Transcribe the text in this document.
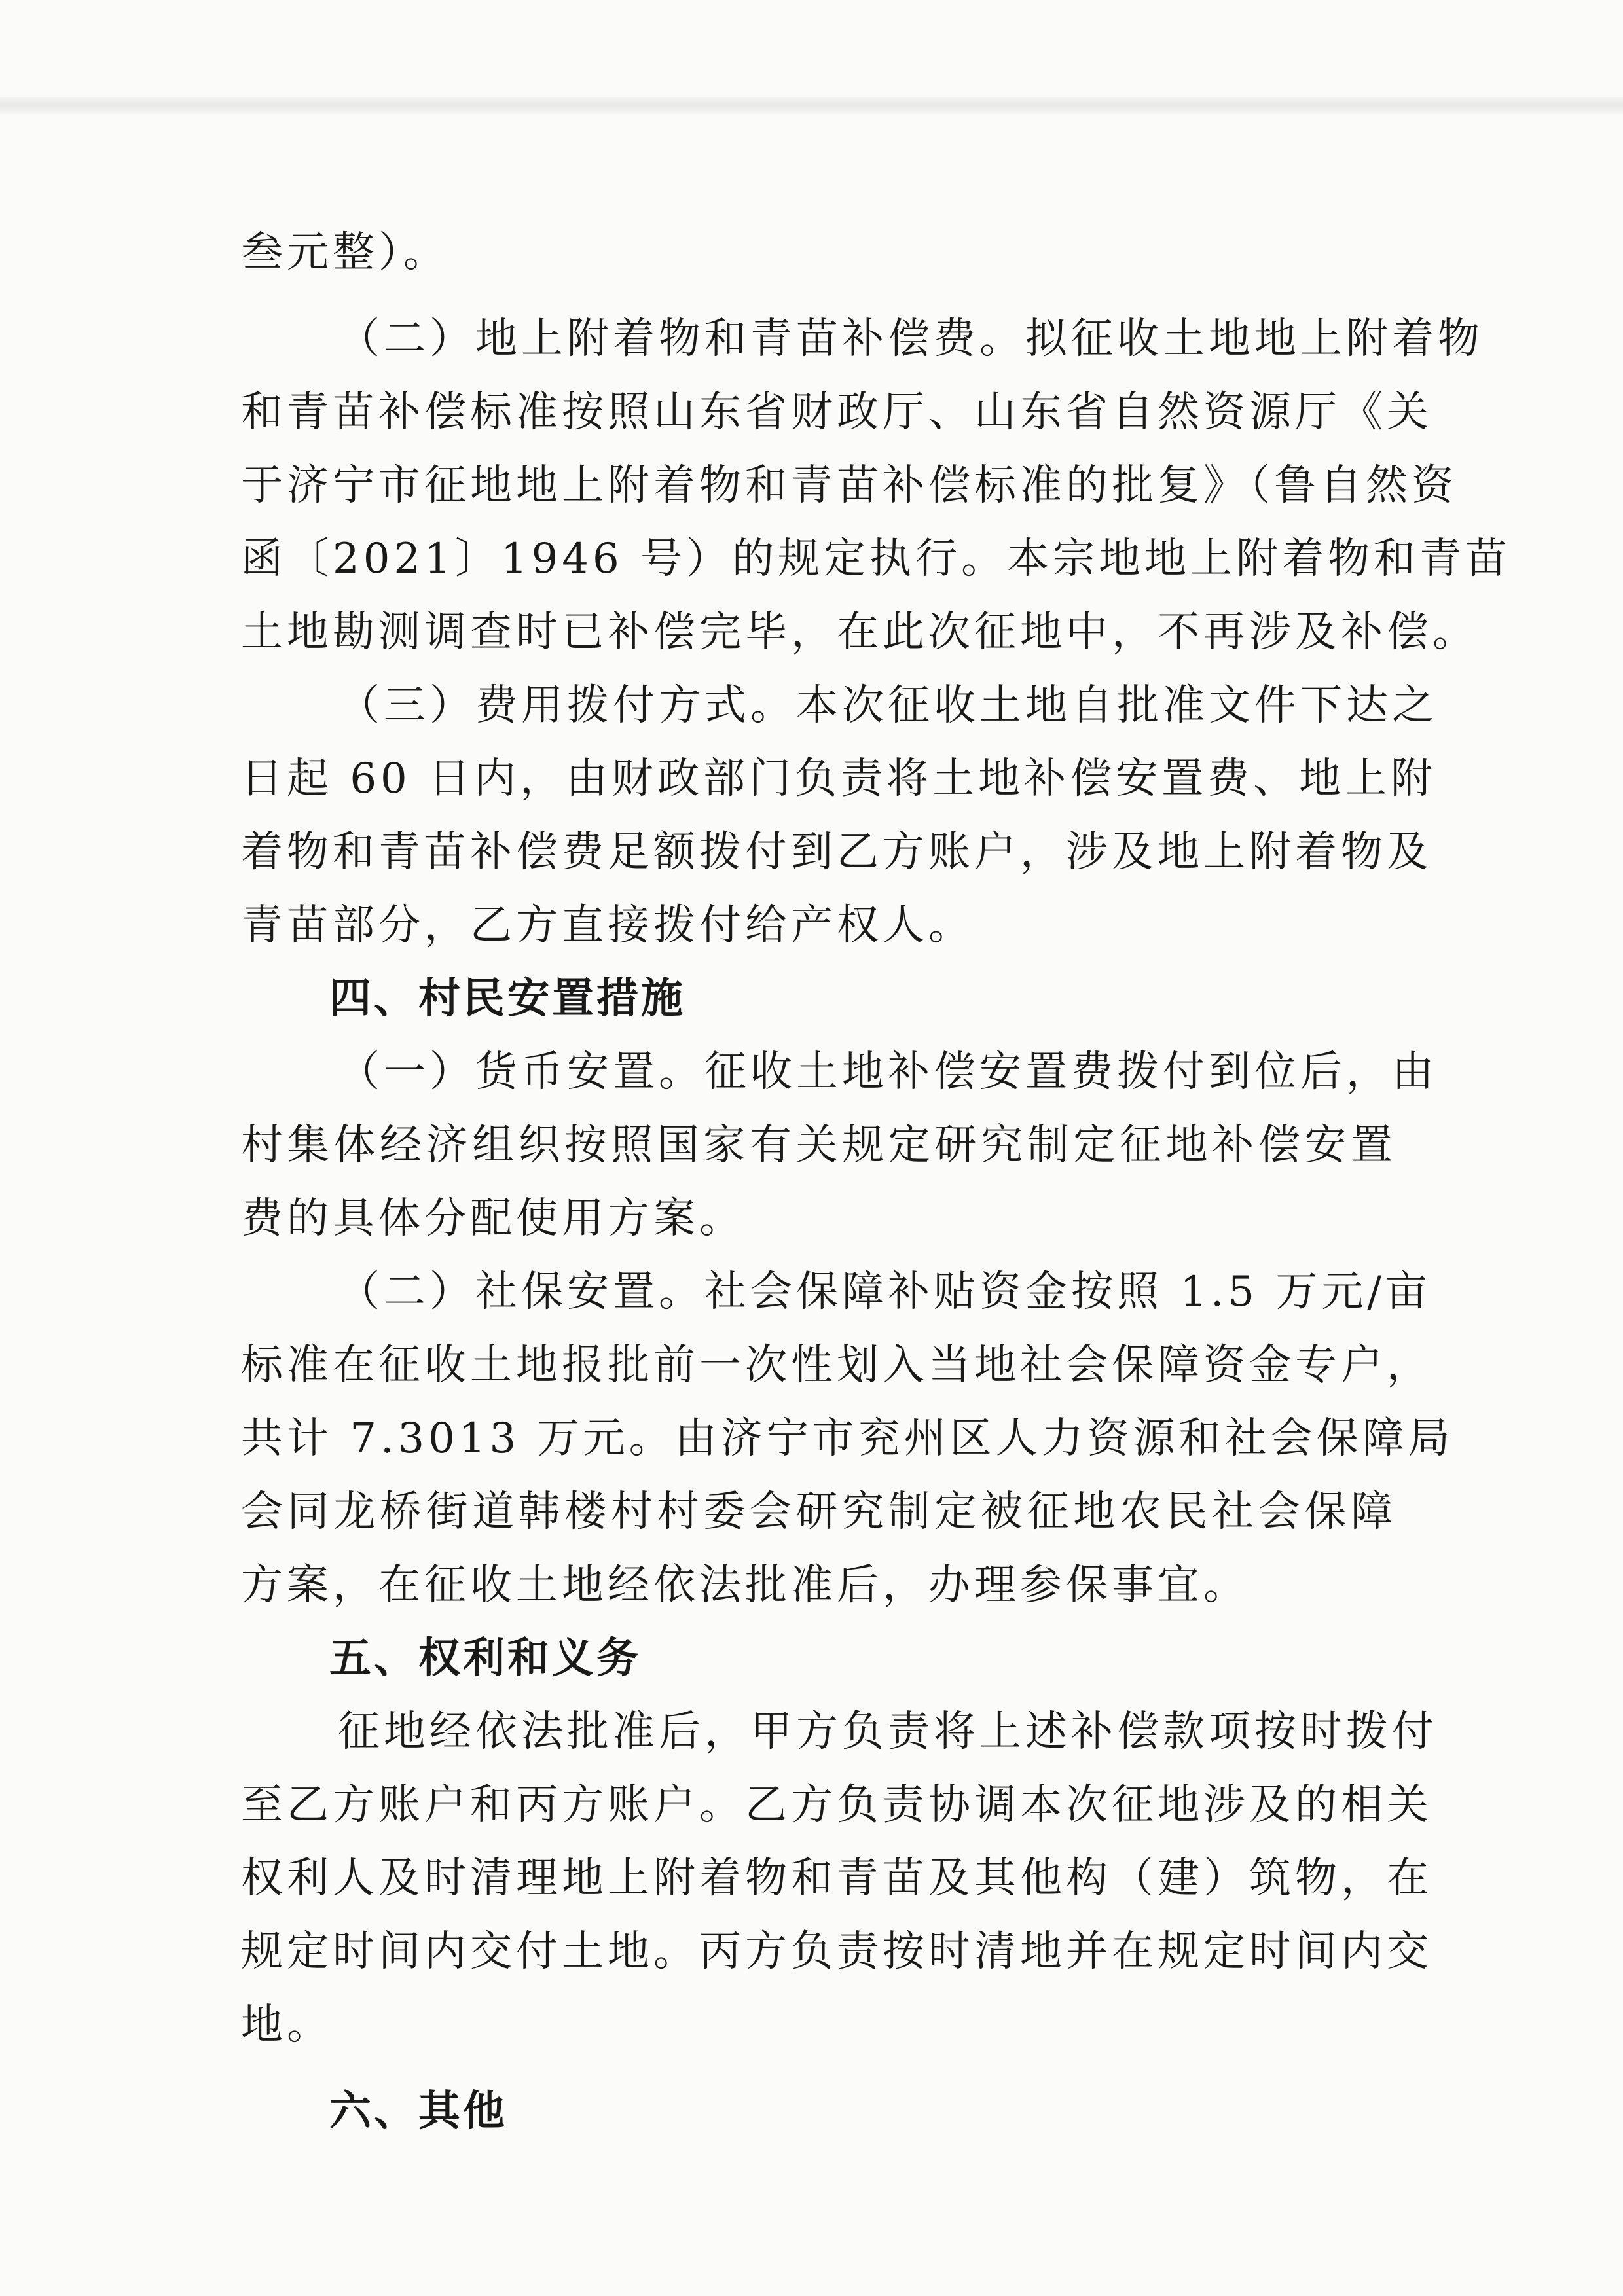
叁元整）。
（二）地上附着物和青苗补偿费。拟征收土地地上附着物
和青苗补偿标准按照山东省财政厅、山东省自然资源厅《关
于济宁市征地地上附着物和青苗补偿标准的批复》（鲁自然资
函〔2021〕1946 号）的规定执行。本宗地地上附着物和青苗
土地勘测调查时已补偿完毕，在此次征地中，不再涉及补偿。
（三）费用拨付方式。本次征收土地自批准文件下达之
日起 60 日内，由财政部门负责将土地补偿安置费、地上附
着物和青苗补偿费足额拨付到乙方账户，涉及地上附着物及
青苗部分，乙方直接拨付给产权人。
四、村民安置措施
（一）货币安置。征收土地补偿安置费拨付到位后，由
村集体经济组织按照国家有关规定研究制定征地补偿安置
费的具体分配使用方案。
（二）社保安置。社会保障补贴资金按照 1.5 万元/亩
标准在征收土地报批前一次性划入当地社会保障资金专户，
共计 7.3013 万元。由济宁市兖州区人力资源和社会保障局
会同龙桥街道韩楼村村委会研究制定被征地农民社会保障
方案，在征收土地经依法批准后，办理参保事宜。
五、权利和义务
征地经依法批准后，甲方负责将上述补偿款项按时拨付
至乙方账户和丙方账户。乙方负责协调本次征地涉及的相关
权利人及时清理地上附着物和青苗及其他构（建）筑物，在
规定时间内交付土地。丙方负责按时清地并在规定时间内交
地。
六、其他
